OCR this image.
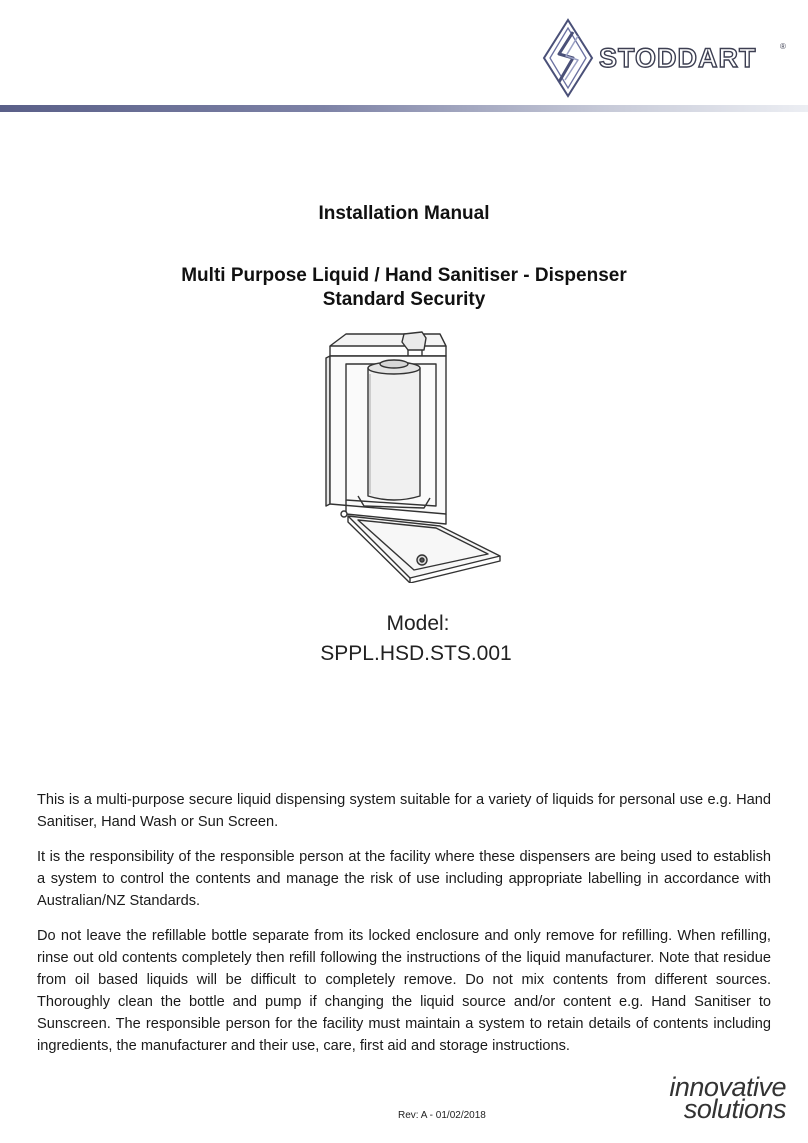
STODDART	®
Installation Manual
Multi Purpose Liquid / Hand Sanitiser - Dispenser
Standard Security
Model:
SPPL.HSD.STS.001

This is a multi-purpose secure liquid dispensing system suitable for a variety of liquids for personal use e.g. Hand Sanitiser, Hand Wash or Sun Screen.

It is the responsibility of the responsible person at the facility where these dispensers are being used to establish a system to control the contents and manage the risk of use including appropriate labelling in accordance with Australian/NZ Standards.

Do not leave the refillable bottle separate from its locked enclosure and only remove for refilling. When refilling, rinse out old contents completely then refill following the instructions of the liquid manufacturer. Note that residue from oil based liquids will be difficult to completely remove. Do not mix contents from different sources. Thoroughly clean the bottle and pump if changing the liquid source and/or content e.g. Hand Sanitiser to Sunscreen. The responsible person for the facility must maintain a system to retain details of contents including ingredients, the manufacturer and their use, care, first aid and storage instructions.

Rev: A - 01/02/2018
innovative
solutions
